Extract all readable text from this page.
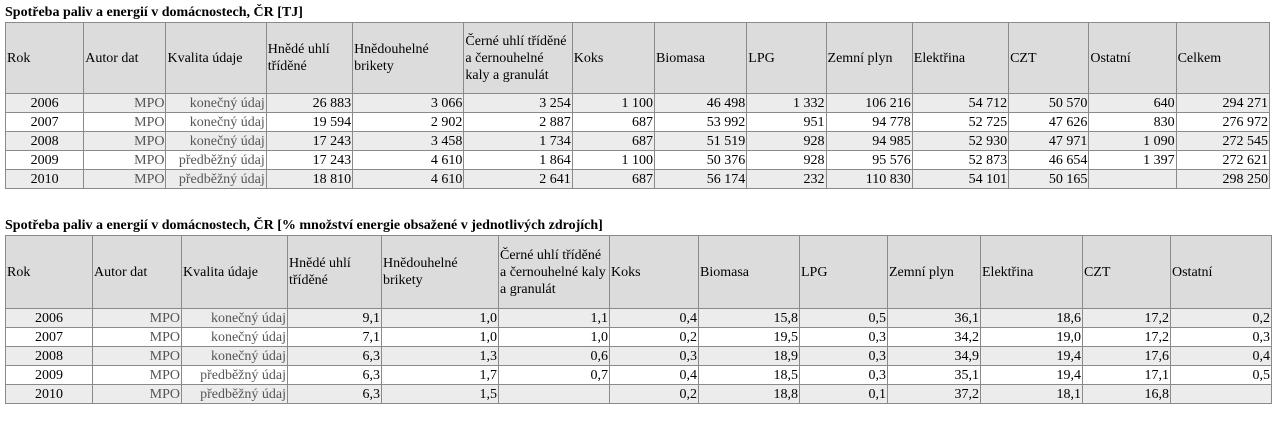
Spotřeba paliv a energií v domácnostech, ČR [TJ]
Rok	Autor dat	Kvalita údaje	Hnědé uhlí tříděné	Hnědouhelné brikety	Černé uhlí tříděné a černouhelné kaly a granulát	Koks	Biomasa	LPG	Zemní plyn	Elektřina	CZT	Ostatní	Celkem
2006	MPO	konečný údaj	26 883	3 066	3 254	1 100	46 498	1 332	106 216	54 712	50 570	640	294 271
2007	MPO	konečný údaj	19 594	2 902	2 887	687	53 992	951	94 778	52 725	47 626	830	276 972
2008	MPO	konečný údaj	17 243	3 458	1 734	687	51 519	928	94 985	52 930	47 971	1 090	272 545
2009	MPO	předběžný údaj	17 243	4 610	1 864	1 100	50 376	928	95 576	52 873	46 654	1 397	272 621
2010	MPO	předběžný údaj	18 810	4 610	2 641	687	56 174	232	110 830	54 101	50 165		298 250
Spotřeba paliv a energií v domácnostech, ČR [% množství energie obsažené v jednotlivých zdrojích]
Rok	Autor dat	Kvalita údaje	Hnědé uhlí tříděné	Hnědouhelné brikety	Černé uhlí tříděné a černouhelné kaly a granulát	Koks	Biomasa	LPG	Zemní plyn	Elektřina	CZT	Ostatní
2006	MPO	konečný údaj	9,1	1,0	1,1	0,4	15,8	0,5	36,1	18,6	17,2	0,2
2007	MPO	konečný údaj	7,1	1,0	1,0	0,2	19,5	0,3	34,2	19,0	17,2	0,3
2008	MPO	konečný údaj	6,3	1,3	0,6	0,3	18,9	0,3	34,9	19,4	17,6	0,4
2009	MPO	předběžný údaj	6,3	1,7	0,7	0,4	18,5	0,3	35,1	19,4	17,1	0,5
2010	MPO	předběžný údaj	6,3	1,5		0,2	18,8	0,1	37,2	18,1	16,8	
